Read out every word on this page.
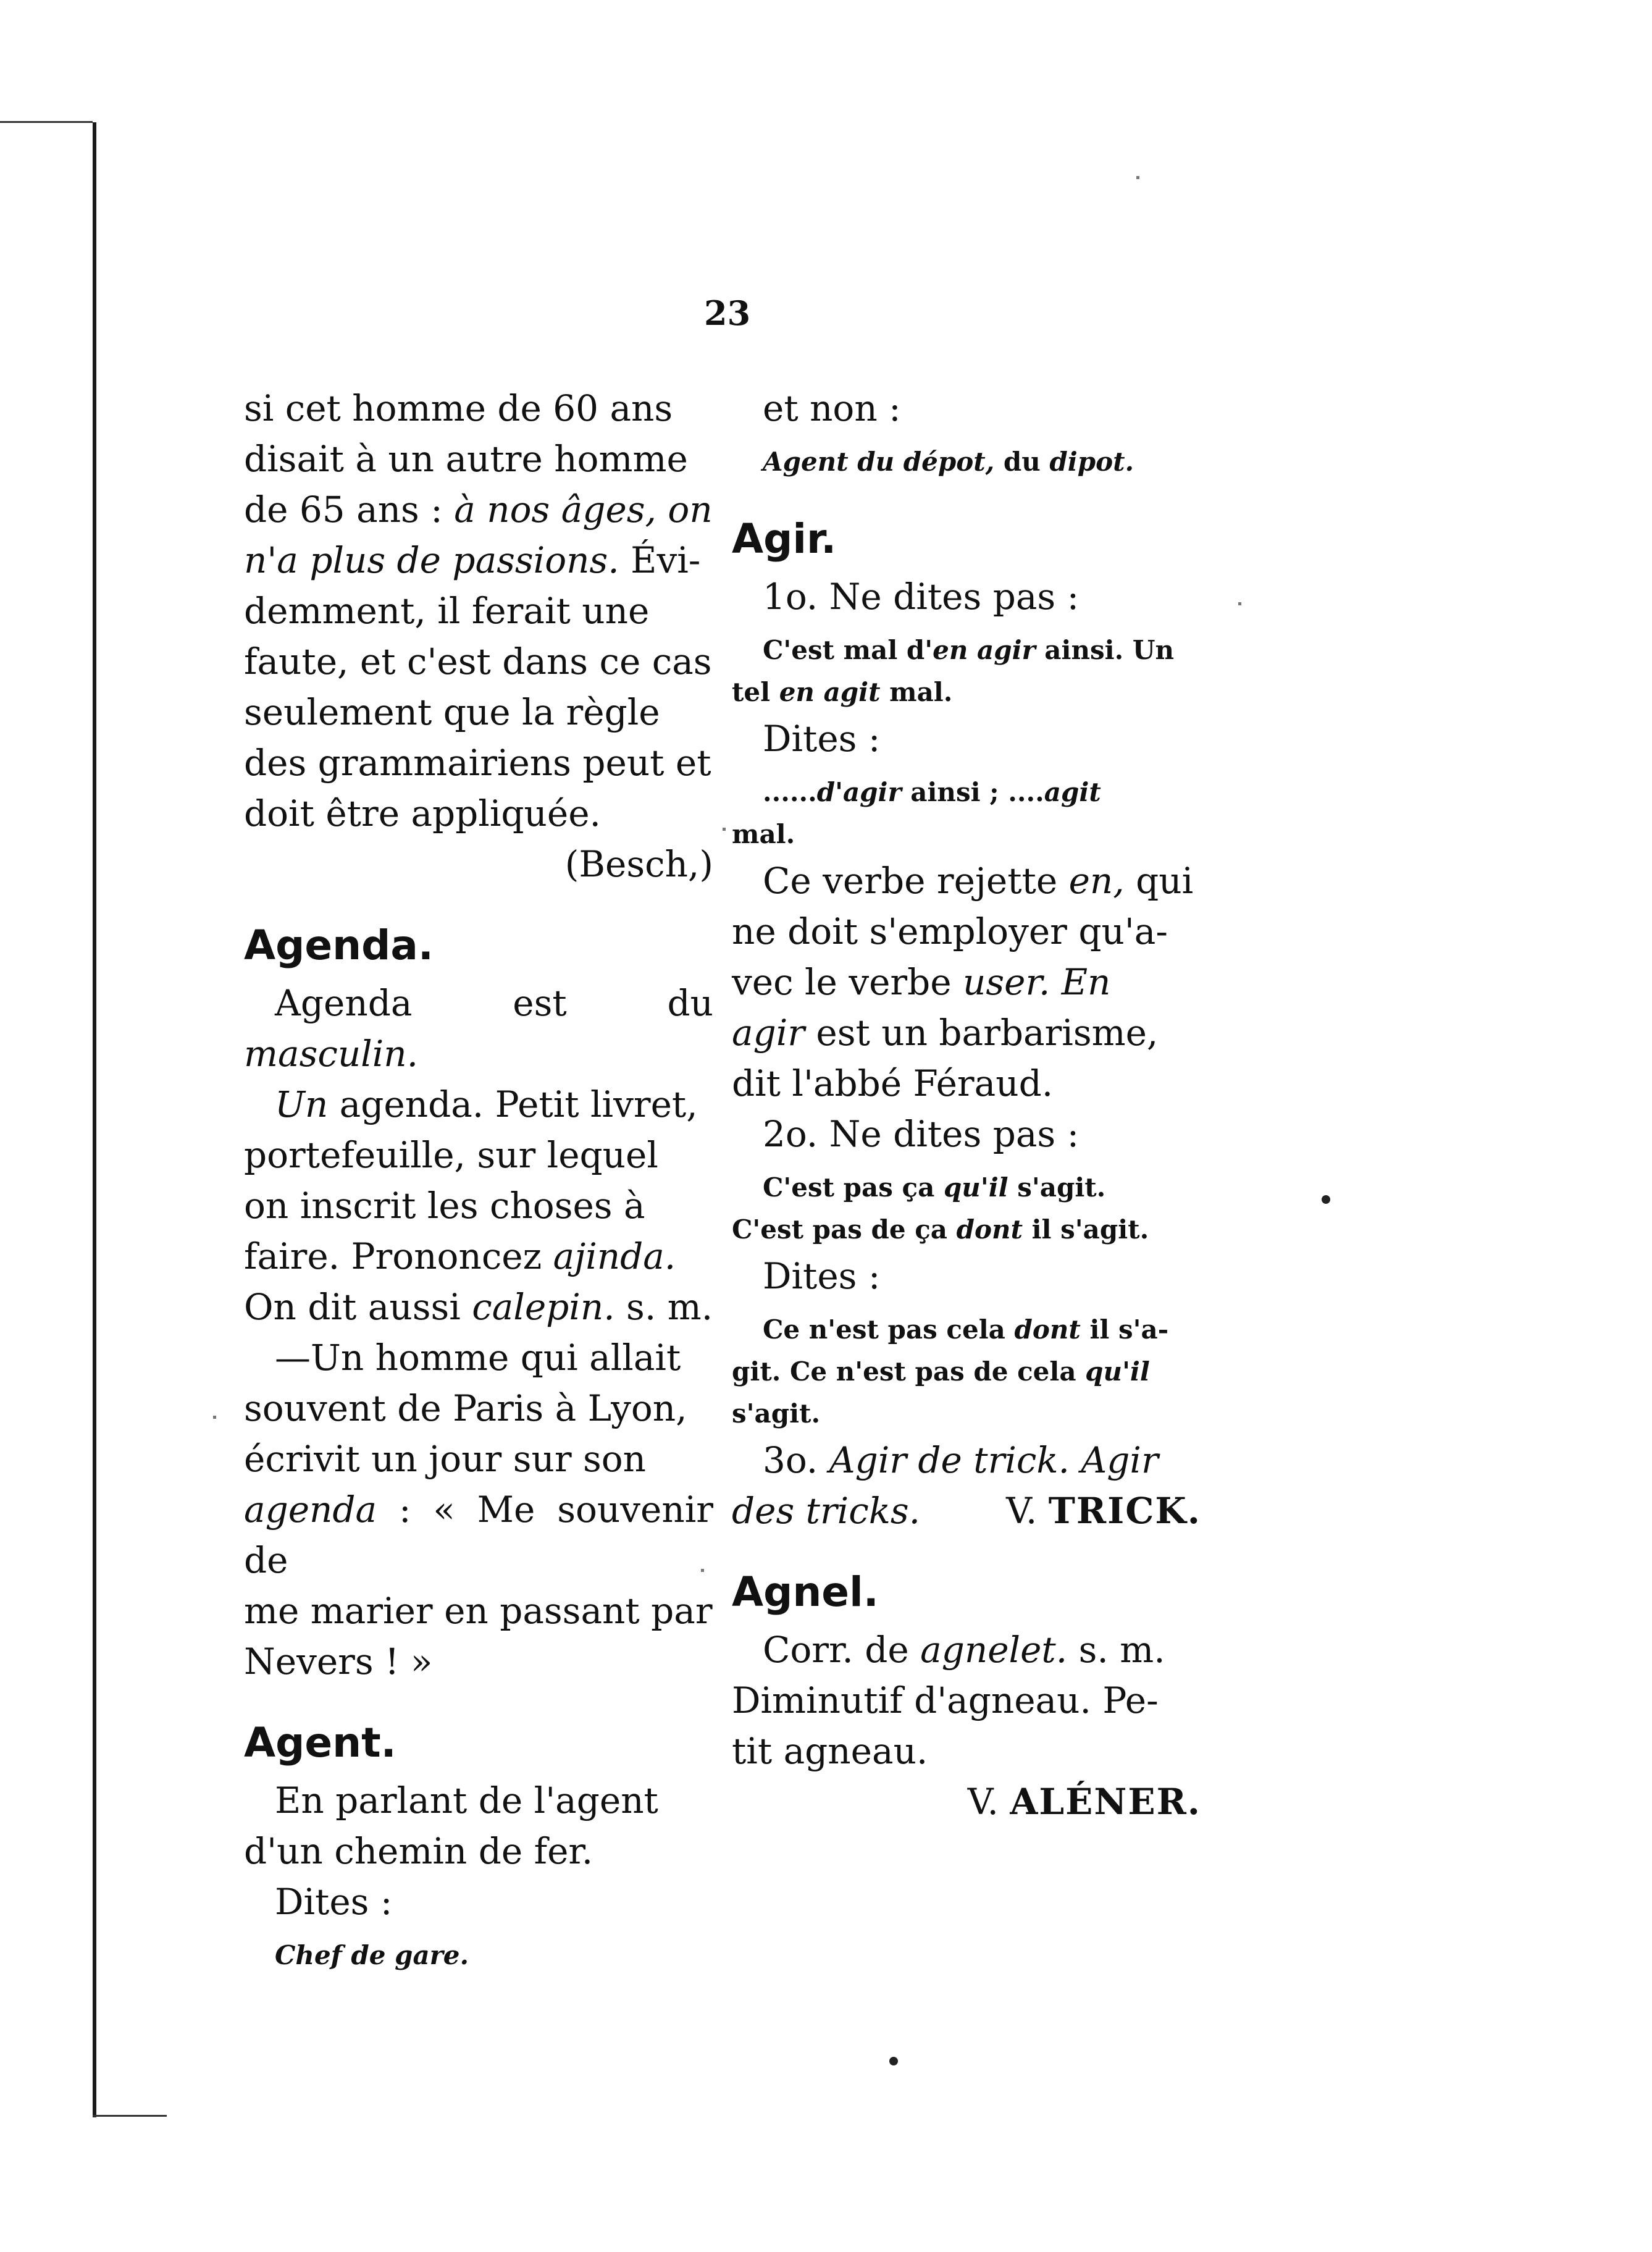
23

si cet homme de 60 ans

disait à un autre homme

de 65 ans : à nos âges, on

n'a plus de passions. Évi-

demment, il ferait une

faute, et c'est dans ce cas

seulement que la règle

des grammairiens peut et

doit être appliquée.

(Besch,)

Agenda.

Agenda est du masculin.

Un agenda. Petit livret,

portefeuille, sur lequel

on inscrit les choses à

faire. Prononcez ajinda.

On dit aussi calepin. s. m.

—Un homme qui allait

souvent de Paris à Lyon,

écrivit un jour sur son

agenda : « Me souvenir de

me marier en passant par

Nevers ! »

Agent.

En parlant de l'agent

d'un chemin de fer.

Dites :

Chef de gare.

et non :

Agent du dépot, du dipot.

Agir.

1o. Ne dites pas :

C'est mal d'en agir ainsi. Un
tel en agit mal.

Dites :

......d'agir ainsi ; ....agit
mal.

Ce verbe rejette en, qui

ne doit s'employer qu'a-

vec le verbe user. En

agir est un barbarisme,

dit l'abbé Féraud.

2o. Ne dites pas :

C'est pas ça qu'il s'agit.
C'est pas de ça dont il s'agit.

Dites :

Ce n'est pas cela dont il s'a-
git. Ce n'est pas de cela qu'il
s'agit.

3o. Agir de trick. Agir

des tricks. V. TRICK.

Agnel.

Corr. de agnelet. s. m.

Diminutif d'agneau. Pe-

tit agneau.

V. ALÉNER.
